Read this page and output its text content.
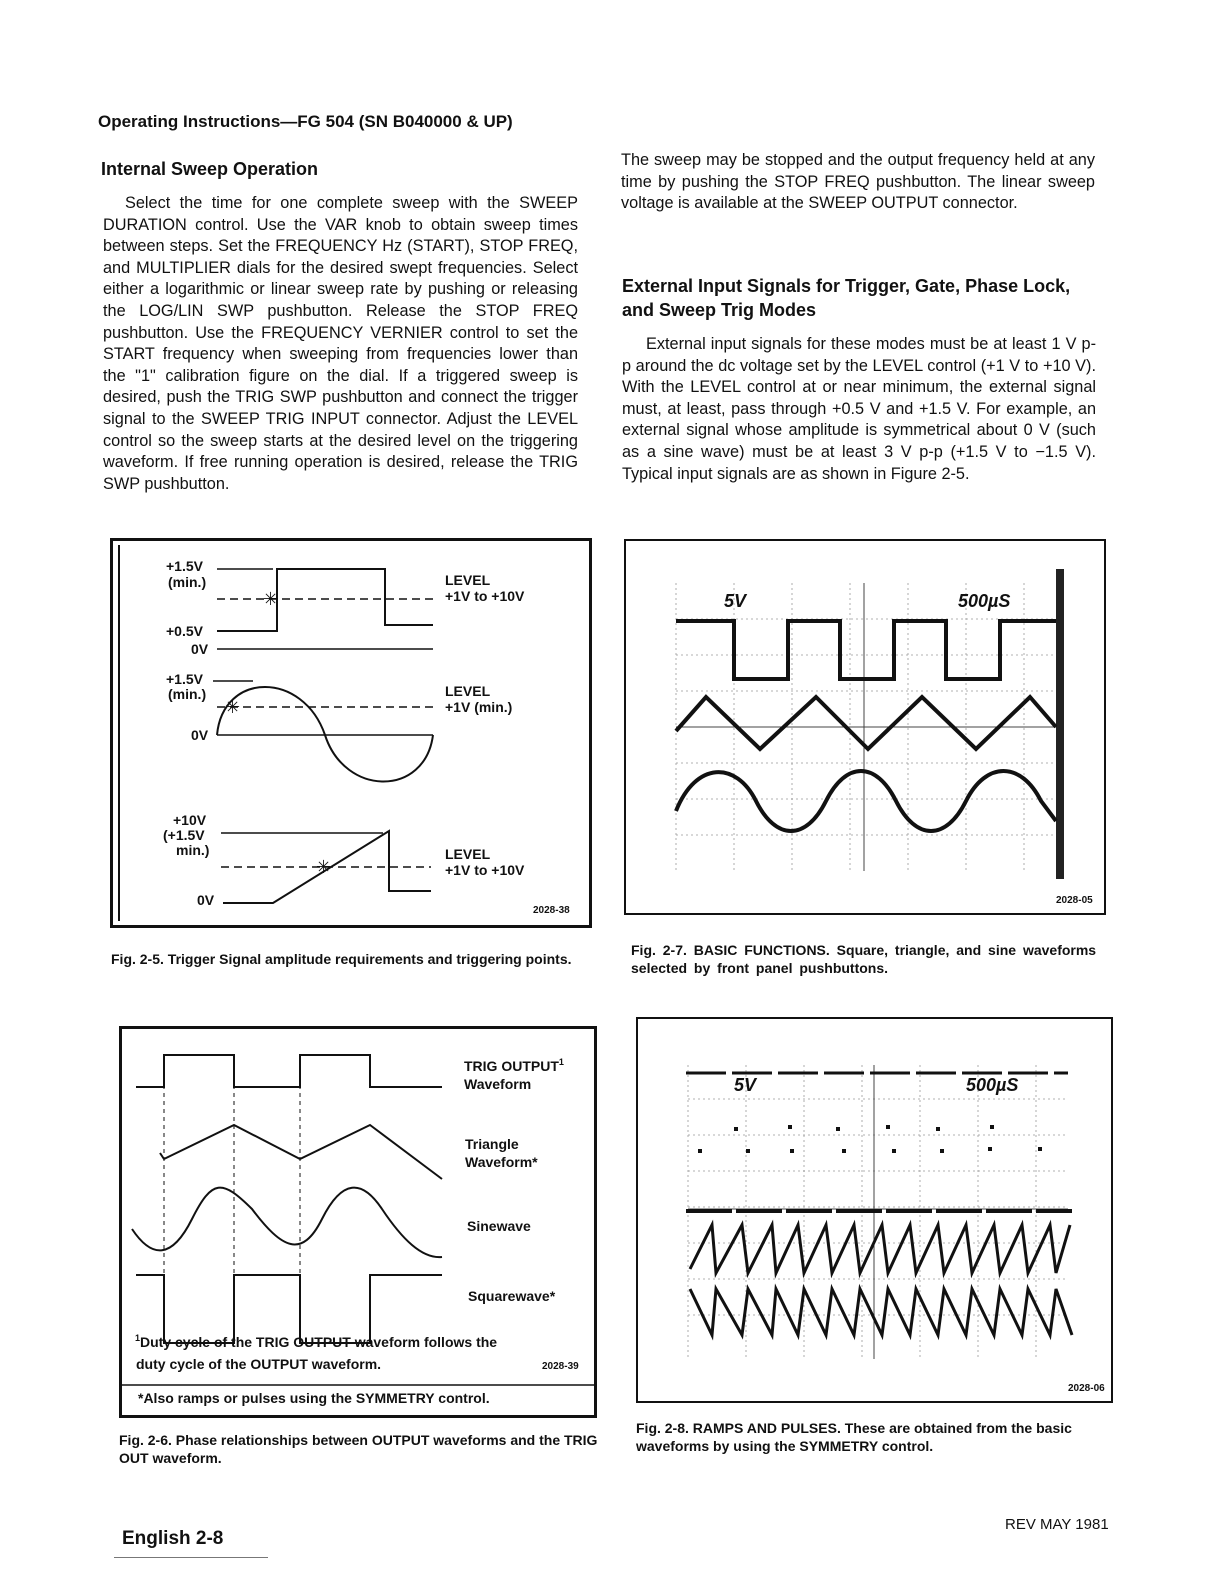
Operating Instructions—FG 504 (SN B040000 & UP)
Internal Sweep Operation
Select the time for one complete sweep with the SWEEP DURATION control. Use the VAR knob to obtain sweep times between steps. Set the FREQUENCY Hz (START), STOP FREQ, and MULTIPLIER dials for the desired swept frequencies. Select either a logarithmic or linear sweep rate by pushing or releasing the LOG/LIN SWP pushbutton. Release the STOP FREQ pushbutton. Use the FREQUENCY VERNIER control to set the START frequency when sweeping from frequencies lower than the "1" calibration figure on the dial. If a triggered sweep is desired, push the TRIG SWP pushbutton and connect the trigger signal to the SWEEP TRIG INPUT connector. Adjust the LEVEL control so the sweep starts at the desired level on the triggering waveform. If free running operation is desired, release the TRIG SWP pushbutton.
The sweep may be stopped and the output frequency held at any time by pushing the STOP FREQ pushbutton. The linear sweep voltage is available at the SWEEP OUTPUT connector.
External Input Signals for Trigger, Gate, Phase Lock, and Sweep Trig Modes
External input signals for these modes must be at least 1 V p-p around the dc voltage set by the LEVEL control (+1 V to +10 V). With the LEVEL control at or near minimum, the external signal must, at least, pass through +0.5 V and +1.5 V. For example, an external signal whose amplitude is symmetrical about 0 V (such as a sine wave) must be at least 3 V p-p (+1.5 V to −1.5 V). Typical input signals are as shown in Figure 2-5.
+1.5V
(min.)
✳
+0.5V
0V
LEVEL
+1V to +10V
+1.5V
(min.)
0V
✳
LEVEL
+1V (min.)
+10V
(+1.5V
min.)
0V
✳
LEVEL
+1V to +10V
2028-38
Fig. 2-5. Trigger Signal amplitude requirements and triggering points.
5V	500µS
2028-05
Fig. 2-7. BASIC FUNCTIONS. Square, triangle, and sine waveforms selected by front panel pushbuttons.
TRIG OUTPUT$^1$
Waveform
Triangle
Waveform*
Sinewave
Squarewave*
$^1$Duty cycle of the TRIG OUTPUT waveform follows the
duty cycle of the OUTPUT waveform.	2028-39
*Also ramps or pulses using the SYMMETRY control.
Fig. 2-6. Phase relationships between OUTPUT waveforms and the TRIG OUT waveform.
5V	500µS
2028-06
Fig. 2-8. RAMPS AND PULSES. These are obtained from the basic waveforms by using the SYMMETRY control.
English 2-8
REV MAY 1981
